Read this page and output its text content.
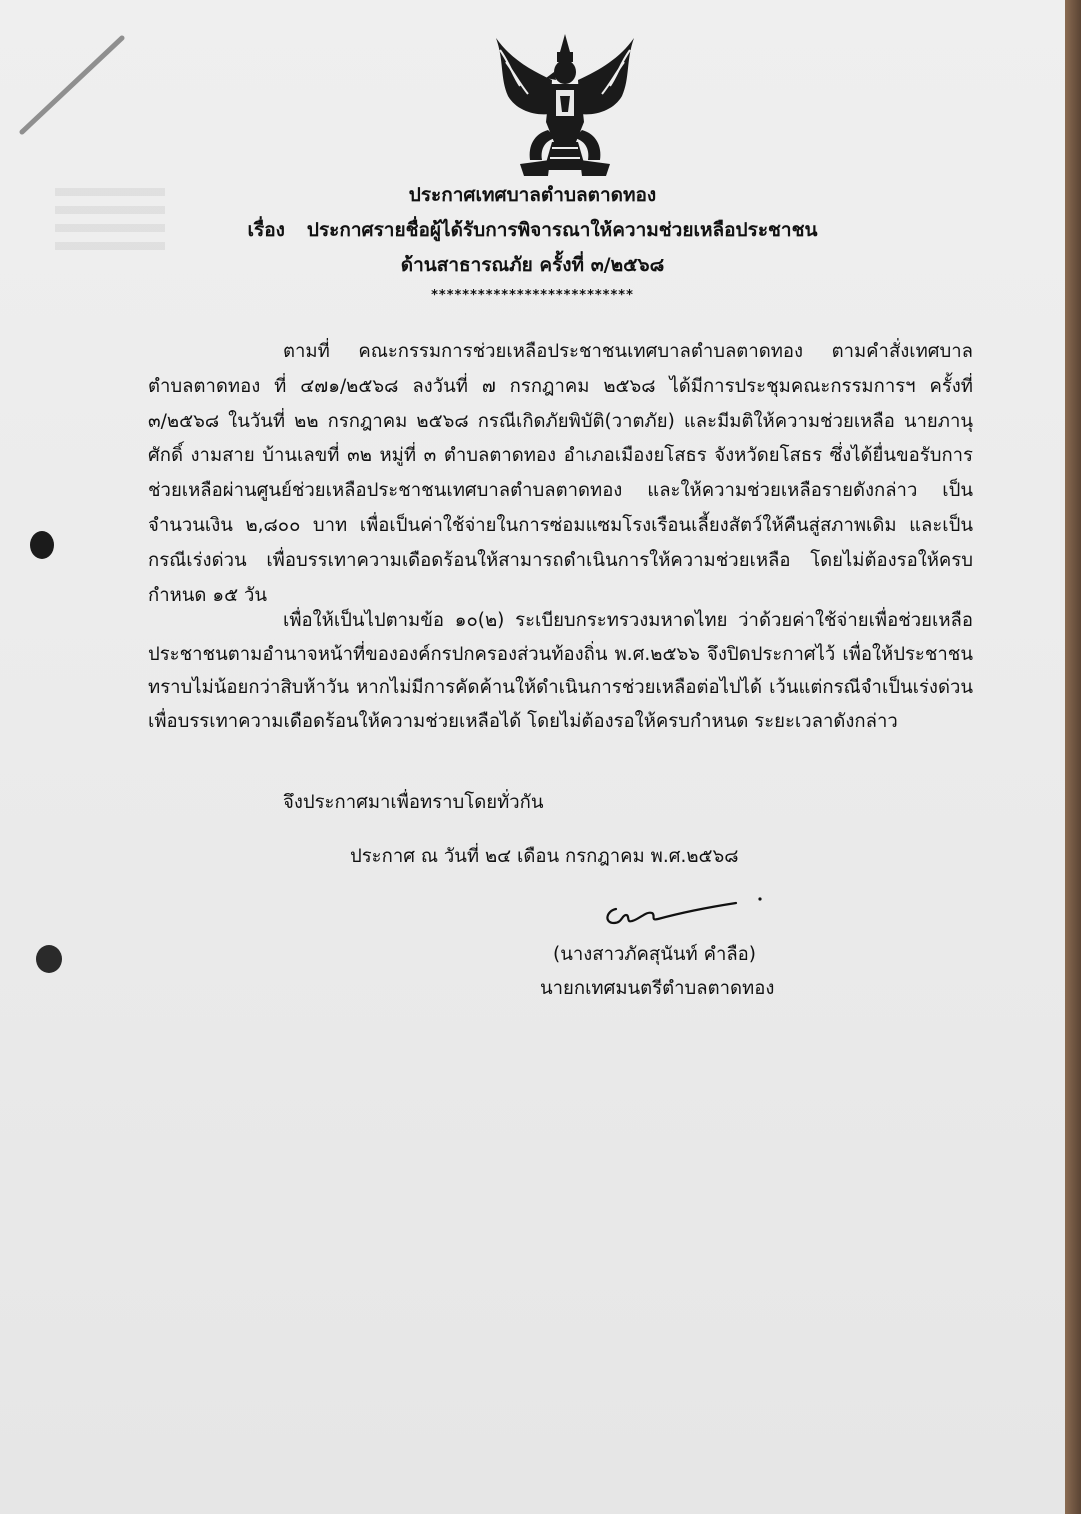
ประกาศเทศบาลตำบลตาดทอง
เรื่อง ประกาศรายชื่อผู้ได้รับการพิจารณาให้ความช่วยเหลือประชาชน
ด้านสาธารณภัย ครั้งที่ ๓/๒๕๖๘
**************************
ตามที่ คณะกรรมการช่วยเหลือประชาชนเทศบาลตำบลตาดทอง ตามคำสั่งเทศบาลตำบลตาดทอง ที่ ๔๗๑/๒๕๖๘ ลงวันที่ ๗ กรกฎาคม ๒๕๖๘ ได้มีการประชุมคณะกรรมการฯ ครั้งที่ ๓/๒๕๖๘ ในวันที่ ๒๒ กรกฎาคม ๒๕๖๘ กรณีเกิดภัยพิบัติ(วาตภัย) และมีมติให้ความช่วยเหลือ นายภานุศักดิ์ งามสาย บ้านเลขที่ ๓๒ หมู่ที่ ๓ ตำบลตาดทอง อำเภอเมืองยโสธร จังหวัดยโสธร ซึ่งได้ยื่นขอรับการช่วยเหลือผ่านศูนย์ช่วยเหลือประชาชนเทศบาลตำบลตาดทอง และให้ความช่วยเหลือรายดังกล่าว เป็นจำนวนเงิน ๒,๘๐๐ บาท เพื่อเป็นค่าใช้จ่ายในการซ่อมแซมโรงเรือนเลี้ยงสัตว์ให้คืนสู่สภาพเดิม และเป็นกรณีเร่งด่วน เพื่อบรรเทาความเดือดร้อนให้สามารถดำเนินการให้ความช่วยเหลือ โดยไม่ต้องรอให้ครบกำหนด ๑๕ วัน
เพื่อให้เป็นไปตามข้อ ๑๐(๒) ระเบียบกระทรวงมหาดไทย ว่าด้วยค่าใช้จ่ายเพื่อช่วยเหลือประชาชนตามอำนาจหน้าที่ขององค์กรปกครองส่วนท้องถิ่น พ.ศ.๒๕๖๖ จึงปิดประกาศไว้ เพื่อให้ประชาชนทราบไม่น้อยกว่าสิบห้าวัน หากไม่มีการคัดค้านให้ดำเนินการช่วยเหลือต่อไปได้ เว้นแต่กรณีจำเป็นเร่งด่วน เพื่อบรรเทาความเดือดร้อนให้ความช่วยเหลือได้ โดยไม่ต้องรอให้ครบกำหนด ระยะเวลาดังกล่าว
จึงประกาศมาเพื่อทราบโดยทั่วกัน
ประกาศ ณ วันที่ ๒๔ เดือน กรกฎาคม พ.ศ.๒๕๖๘
(นางสาวภัคสุนันท์ คำลือ)
นายกเทศมนตรีตำบลตาดทอง
